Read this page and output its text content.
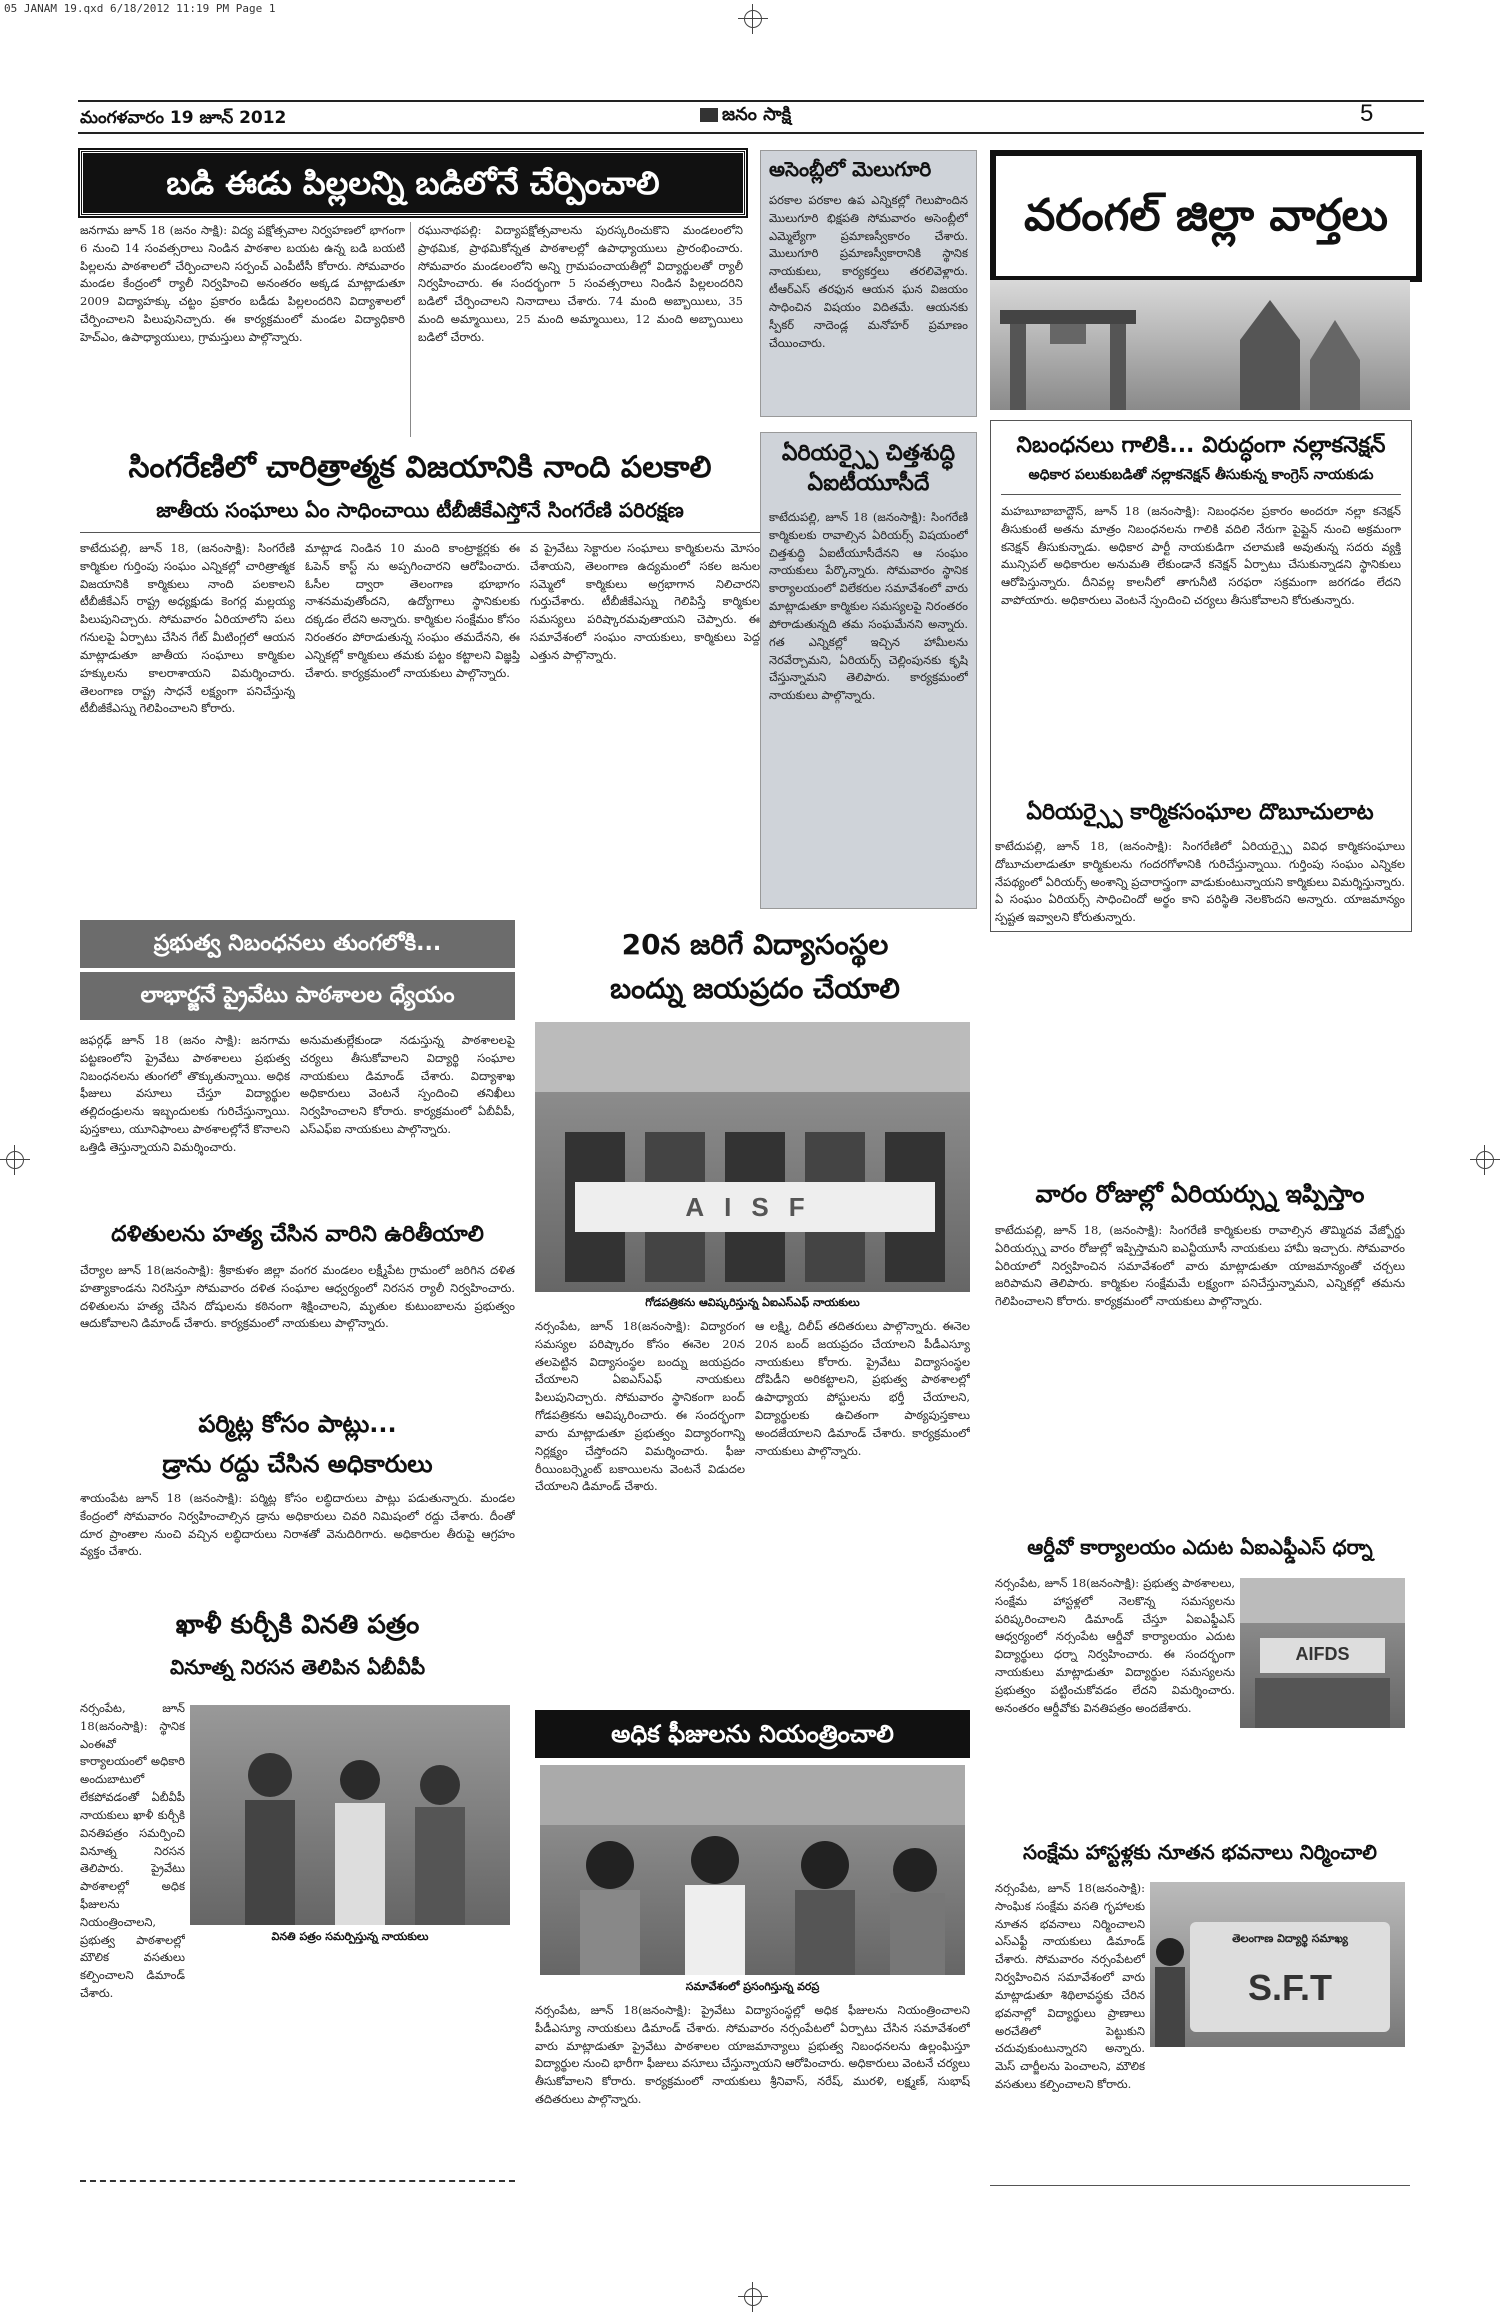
05 JANAM 19.qxd 6/18/2012 11:19 PM Page 1
మంగళవారం 19 జూన్ 2012	జనం సాక్షి	5
వరంగల్ జిల్లా వార్తలు
బడి ఈడు పిల్లలన్ని బడిలోనే చేర్పించాలి
జనగామ జూన్ 18 (జనం సాక్షి): విద్య పక్షోత్సవాల నిర్వహణలో భాగంగా 6 నుంచి 14 సంవత్సరాలు నిండిన పాఠశాల బయట ఉన్న బడి బయటి పిల్లలను పాఠశాలలో చేర్పించాలని సర్పంచ్ ఎంపీటీసీ కోరారు. సోమవారం మండల కేంద్రంలో ర్యాలీ నిర్వహించి అనంతరం అక్కడ మాట్లాడుతూ 2009 విద్యాహక్కు చట్టం ప్రకారం బడీడు పిల్లలందరిని విద్యాశాలలో చేర్పించాలని పిలుపునిచ్చారు. ఈ కార్యక్రమంలో మండల విద్యాధికారి హెచ్ఎం, ఉపాధ్యాయులు, గ్రామస్తులు పాల్గొన్నారు.
రఘునాథపల్లి: విద్యాపక్షోత్సవాలను పురస్కరించుకొని మండలంలోని ప్రాథమిక, ప్రాథమికోన్నత పాఠశాలల్లో ఉపాధ్యాయులు ప్రారంభించారు. సోమవారం మండలంలోని అన్ని గ్రామపంచాయతీల్లో విద్యార్థులతో ర్యాలీ నిర్వహించారు. ఈ సందర్భంగా 5 సంవత్సరాలు నిండిన పిల్లలందరిని బడిలో చేర్పించాలని నినాదాలు చేశారు. 74 మంది అబ్బాయిలు, 35 మంది అమ్మాయిలు, 25 మంది అమ్మాయిలు, 12 మంది అబ్బాయిలు బడిలో చేరారు.
అసెంబ్లీలో మెలుగూరి
పరకాల పరకాల ఉప ఎన్నికల్లో గెలుపొందిన మొలుగూరి భిక్షపతి సోమవారం అసెంబ్లీలో ఎమ్మెల్యేగా ప్రమాణస్వీకారం చేశారు. మొలుగూరి ప్రమాణస్వీకారానికి స్థానిక నాయకులు, కార్యకర్తలు తరలివెళ్లారు. టీఆర్ఎస్ తరఫున ఆయన ఘన విజయం సాధించిన విషయం విదితమే. ఆయనకు స్పీకర్ నాదెండ్ల మనోహర్ ప్రమాణం చేయించారు.
సింగరేణిలో చారిత్రాత్మక విజయానికి నాంది పలకాలి
జాతీయ సంఘాలు ఏం సాధించాయి టీబీజీకేఎస్తోనే సింగరేణి పరిరక్షణ
కాటేదుపల్లి, జూన్ 18, (జనంసాక్షి): సింగరేణి కార్మికుల గుర్తింపు సంఘం ఎన్నికల్లో చారిత్రాత్మక విజయానికి కార్మికులు నాంది పలకాలని టీబీజీకేఎస్ రాష్ట్ర అధ్యక్షుడు కెంగర్ల మల్లయ్య పిలుపునిచ్చారు. సోమవారం ఏరియాలోని పలు గనులపై ఏర్పాటు చేసిన గేట్ మీటింగ్లలో ఆయన మాట్లాడుతూ జాతీయ సంఘాలు కార్మికుల హక్కులను కాలరాశాయని విమర్శించారు. తెలంగాణ రాష్ట్ర సాధనే లక్ష్యంగా పనిచేస్తున్న టీబీజీకేఎస్ను గెలిపించాలని కోరారు.
మాట్లాడ నిండిన 10 మంది కాంట్రాక్టర్లకు ఈ ఓపెన్ కాస్ట్ ను అప్పగించారని ఆరోపించారు. ఓసీల ద్వారా తెలంగాణ భూభాగం నాశనమవుతోందని, ఉద్యోగాలు స్థానికులకు దక్కడం లేదని అన్నారు. కార్మికుల సంక్షేమం కోసం నిరంతరం పోరాడుతున్న సంఘం తమదేనని, ఈ ఎన్నికల్లో కార్మికులు తమకు పట్టం కట్టాలని విజ్ఞప్తి చేశారు. కార్యక్రమంలో నాయకులు పాల్గొన్నారు.
వ ప్రైవేటు సెక్టారుల సంఘాలు కార్మికులను మోసం చేశాయని, తెలంగాణ ఉద్యమంలో సకల జనుల సమ్మెలో కార్మికులు అగ్రభాగాన నిలిచారని గుర్తుచేశారు. టీబీజీకేఎస్ను గెలిపిస్తే కార్మికుల సమస్యలు పరిష్కారమవుతాయని చెప్పారు. ఈ సమావేశంలో సంఘం నాయకులు, కార్మికులు పెద్ద ఎత్తున పాల్గొన్నారు.
ఏరియర్స్పై చిత్తశుద్ధి ఏఐటీయూసీదే
కాటేదుపల్లి, జూన్ 18 (జనంసాక్షి): సింగరేణి కార్మికులకు రావాల్సిన ఏరియర్స్ విషయంలో చిత్తశుద్ధి ఏఐటీయూసీదేనని ఆ సంఘం నాయకులు పేర్కొన్నారు. సోమవారం స్థానిక కార్యాలయంలో విలేకరుల సమావేశంలో వారు మాట్లాడుతూ కార్మికుల సమస్యలపై నిరంతరం పోరాడుతున్నది తమ సంఘమేనని అన్నారు. గత ఎన్నికల్లో ఇచ్చిన హామీలను నెరవేర్చామని, ఏరియర్స్ చెల్లింపునకు కృషి చేస్తున్నామని తెలిపారు. కార్యక్రమంలో నాయకులు పాల్గొన్నారు.
నిబంధనలు గాలికి... విరుద్ధంగా నల్లాకనెక్షన్
అధికార పలుకుబడితో నల్లాకనెక్షన్ తీసుకున్న కాంగ్రెస్ నాయకుడు
మహబూబాబాద్టౌన్, జూన్ 18 (జనంసాక్షి): నిబంధనల ప్రకారం అందరూ నల్లా కనెక్షన్ తీసుకుంటే అతను మాత్రం నిబంధనలను గాలికి వదిలి నేరుగా పైప్లైన్ నుంచి అక్రమంగా కనెక్షన్ తీసుకున్నాడు. అధికార పార్టీ నాయకుడిగా చలామణి అవుతున్న సదరు వ్యక్తి మున్సిపల్ అధికారుల అనుమతి లేకుండానే కనెక్షన్ ఏర్పాటు చేసుకున్నాడని స్థానికులు ఆరోపిస్తున్నారు. దీనివల్ల కాలనీలో తాగునీటి సరఫరా సక్రమంగా జరగడం లేదని వాపోయారు. అధికారులు వెంటనే స్పందించి చర్యలు తీసుకోవాలని కోరుతున్నారు.
ఏరియర్స్పై కార్మికసంఘాల దొబూచులాట
కాటేదుపల్లి, జూన్ 18, (జనంసాక్షి): సింగరేణిలో ఏరియర్స్పై వివిధ కార్మికసంఘాలు దోబూచులాడుతూ కార్మికులను గందరగోళానికి గురిచేస్తున్నాయి. గుర్తింపు సంఘం ఎన్నికల నేపథ్యంలో ఏరియర్స్ అంశాన్ని ప్రచారాస్త్రంగా వాడుకుంటున్నాయని కార్మికులు విమర్శిస్తున్నారు. ఏ సంఘం ఏరియర్స్ సాధించిందో అర్థం కాని పరిస్థితి నెలకొందని అన్నారు. యాజమాన్యం స్పష్టత ఇవ్వాలని కోరుతున్నారు.
వారం రోజుల్లో ఏరియర్స్ను ఇప్పిస్తాం
కాటేదుపల్లి, జూన్ 18, (జనంసాక్షి): సింగరేణి కార్మికులకు రావాల్సిన తొమ్మిదవ వేజ్బోర్డు ఏరియర్స్ను వారం రోజుల్లో ఇప్పిస్తామని ఐఎన్టీయూసీ నాయకులు హామీ ఇచ్చారు. సోమవారం ఏరియాలో నిర్వహించిన సమావేశంలో వారు మాట్లాడుతూ యాజమాన్యంతో చర్చలు జరిపామని తెలిపారు. కార్మికుల సంక్షేమమే లక్ష్యంగా పనిచేస్తున్నామని, ఎన్నికల్లో తమను గెలిపించాలని కోరారు. కార్యక్రమంలో నాయకులు పాల్గొన్నారు.
ప్రభుత్వ నిబంధనలు తుంగలోకి...
లాభార్జనే ప్రైవేటు పాఠశాలల ధ్యేయం
జఫర్గఢ్ జూన్ 18 (జనం సాక్షి): జనగామ పట్టణంలోని ప్రైవేటు పాఠశాలలు ప్రభుత్వ నిబంధనలను తుంగలో తొక్కుతున్నాయి. అధిక ఫీజులు వసూలు చేస్తూ విద్యార్థుల తల్లిదండ్రులను ఇబ్బందులకు గురిచేస్తున్నాయి. పుస్తకాలు, యూనిఫాంలు పాఠశాలల్లోనే కొనాలని ఒత్తిడి తెస్తున్నాయని విమర్శించారు.
అనుమతుల్లేకుండా నడుస్తున్న పాఠశాలలపై చర్యలు తీసుకోవాలని విద్యార్థి సంఘాల నాయకులు డిమాండ్ చేశారు. విద్యాశాఖ అధికారులు వెంటనే స్పందించి తనిఖీలు నిర్వహించాలని కోరారు. కార్యక్రమంలో ఏబీవీపీ, ఎస్ఎఫ్ఐ నాయకులు పాల్గొన్నారు.
దళితులను హత్య చేసిన వారిని ఉరితీయాలి
చేర్యాల జూన్ 18(జనంసాక్షి): శ్రీకాకుళం జిల్లా వంగర మండలం లక్ష్మీపేట గ్రామంలో జరిగిన దళిత హత్యాకాండను నిరసిస్తూ సోమవారం దళిత సంఘాల ఆధ్వర్యంలో నిరసన ర్యాలీ నిర్వహించారు. దళితులను హత్య చేసిన దోషులను కఠినంగా శిక్షించాలని, మృతుల కుటుంబాలను ప్రభుత్వం ఆదుకోవాలని డిమాండ్ చేశారు. కార్యక్రమంలో నాయకులు పాల్గొన్నారు.
పర్మిట్ల కోసం పాట్లు...
డ్రాను రద్దు చేసిన అధికారులు
శాయంపేట జూన్ 18 (జనంసాక్షి): పర్మిట్ల కోసం లబ్ధిదారులు పాట్లు పడుతున్నారు. మండల కేంద్రంలో సోమవారం నిర్వహించాల్సిన డ్రాను అధికారులు చివరి నిమిషంలో రద్దు చేశారు. దీంతో దూర ప్రాంతాల నుంచి వచ్చిన లబ్ధిదారులు నిరాశతో వెనుదిరిగారు. అధికారుల తీరుపై ఆగ్రహం వ్యక్తం చేశారు.
ఖాళీ కుర్చీకి వినతి పత్రం
వినూత్న నిరసన తెలిపిన ఏబీవీపీ
నర్సంపేట, జూన్ 18(జనంసాక్షి): స్థానిక ఎంఈవో కార్యాలయంలో అధికారి అందుబాటులో లేకపోవడంతో ఏబీవీపీ నాయకులు ఖాళీ కుర్చీకి వినతిపత్రం సమర్పించి వినూత్న నిరసన తెలిపారు. ప్రైవేటు పాఠశాలల్లో అధిక ఫీజులను నియంత్రించాలని, ప్రభుత్వ పాఠశాలల్లో మౌలిక వసతులు కల్పించాలని డిమాండ్ చేశారు.
వినతి పత్రం సమర్పిస్తున్న నాయకులు
20న జరిగే విద్యాసంస్థల
బంద్ను జయప్రదం చేయాలి
AISF
గోడపత్రికను ఆవిష్కరిస్తున్న ఏఐఎస్ఎఫ్ నాయకులు
నర్సంపేట, జూన్ 18(జనంసాక్షి): విద్యారంగ సమస్యల పరిష్కారం కోసం ఈనెల 20న తలపెట్టిన విద్యాసంస్థల బంద్ను జయప్రదం చేయాలని ఏఐఎస్ఎఫ్ నాయకులు పిలుపునిచ్చారు. సోమవారం స్థానికంగా బంద్ గోడపత్రికను ఆవిష్కరించారు. ఈ సందర్భంగా వారు మాట్లాడుతూ ప్రభుత్వం విద్యారంగాన్ని నిర్లక్ష్యం చేస్తోందని విమర్శించారు. ఫీజు రీయింబర్స్మెంట్ బకాయిలను వెంటనే విడుదల చేయాలని డిమాండ్ చేశారు.
ఆ లక్ష్మి, దిలీప్ తదితరులు పాల్గొన్నారు. ఈనెల 20న బంద్ జయప్రదం చేయాలని పీడీఎస్యూ నాయకులు కోరారు. ప్రైవేటు విద్యాసంస్థల దోపిడీని అరికట్టాలని, ప్రభుత్వ పాఠశాలల్లో ఉపాధ్యాయ పోస్టులను భర్తీ చేయాలని, విద్యార్థులకు ఉచితంగా పాఠ్యపుస్తకాలు అందజేయాలని డిమాండ్ చేశారు. కార్యక్రమంలో నాయకులు పాల్గొన్నారు.
అధిక ఫీజులను నియంత్రించాలి
సమావేశంలో ప్రసంగిస్తున్న వరప్ర
నర్సంపేట, జూన్ 18(జనంసాక్షి): ప్రైవేటు విద్యాసంస్థల్లో అధిక ఫీజులను నియంత్రించాలని పీడీఎస్యూ నాయకులు డిమాండ్ చేశారు. సోమవారం నర్సంపేటలో ఏర్పాటు చేసిన సమావేశంలో వారు మాట్లాడుతూ ప్రైవేటు పాఠశాలల యాజమాన్యాలు ప్రభుత్వ నిబంధనలను ఉల్లంఘిస్తూ విద్యార్థుల నుంచి భారీగా ఫీజులు వసూలు చేస్తున్నాయని ఆరోపించారు. అధికారులు వెంటనే చర్యలు తీసుకోవాలని కోరారు. కార్యక్రమంలో నాయకులు శ్రీనివాస్, నరేష్, మురళి, లక్ష్మణ్, సుభాష్ తదితరులు పాల్గొన్నారు.
ఆర్డీవో కార్యాలయం ఎదుట ఏఐఎఫ్డీఎస్ ధర్నా
నర్సంపేట, జూన్ 18(జనంసాక్షి): ప్రభుత్వ పాఠశాలలు, సంక్షేమ హాస్టళ్లలో నెలకొన్న సమస్యలను పరిష్కరించాలని డిమాండ్ చేస్తూ ఏఐఎఫ్డీఎస్ ఆధ్వర్యంలో నర్సంపేట ఆర్డీవో కార్యాలయం ఎదుట విద్యార్థులు ధర్నా నిర్వహించారు. ఈ సందర్భంగా నాయకులు మాట్లాడుతూ విద్యార్థుల సమస్యలను ప్రభుత్వం పట్టించుకోవడం లేదని విమర్శించారు. అనంతరం ఆర్డీవోకు వినతిపత్రం అందజేశారు.
AIFDS
సంక్షేమ హాస్టళ్లకు నూతన భవనాలు నిర్మించాలి
నర్సంపేట, జూన్ 18(జనంసాక్షి): సాంఘిక సంక్షేమ వసతి గృహాలకు నూతన భవనాలు నిర్మించాలని ఎస్ఎఫ్టీ నాయకులు డిమాండ్ చేశారు. సోమవారం నర్సంపేటలో నిర్వహించిన సమావేశంలో వారు మాట్లాడుతూ శిథిలావస్థకు చేరిన భవనాల్లో విద్యార్థులు ప్రాణాలు అరచేతిలో పెట్టుకుని చదువుకుంటున్నారని అన్నారు. మెస్ చార్జీలను పెంచాలని, మౌలిక వసతులు కల్పించాలని కోరారు.
తెలంగాణ విద్యార్థి సమాఖ్య
S.F.T
